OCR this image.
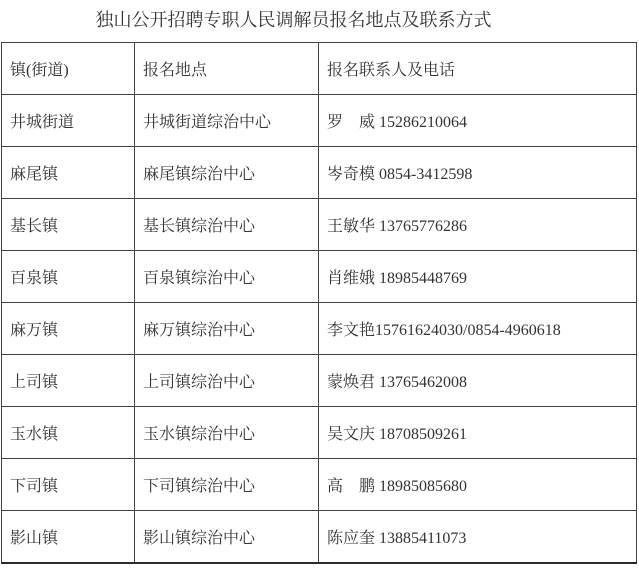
独山公开招聘专职人民调解员报名地点及联系方式
镇(街道)	报名地点	报名联系人及电话
井城街道	井城街道综治中心	罗　威 15286210064
麻尾镇	麻尾镇综治中心	岑奇模 0854-3412598
基长镇	基长镇综治中心	王敏华 13765776286
百泉镇	百泉镇综治中心	肖维娥 18985448769
麻万镇	麻万镇综治中心	李文艳15761624030/0854-4960618
上司镇	上司镇综治中心	蒙焕君 13765462008
玉水镇	玉水镇综治中心	吴文庆 18708509261
下司镇	下司镇综治中心	高　鹏 18985085680
影山镇	影山镇综治中心	陈应奎 13885411073
